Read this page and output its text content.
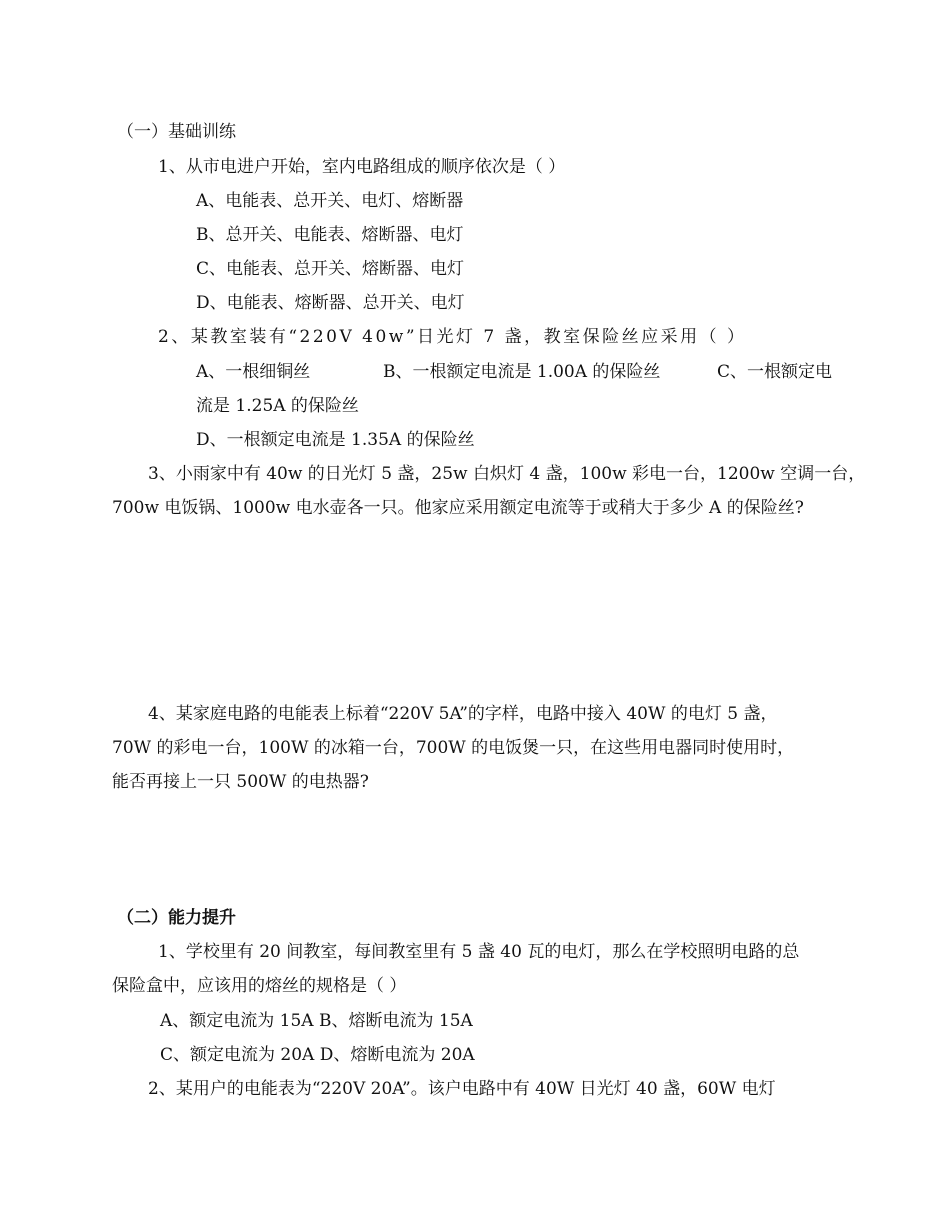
（一）基础训练
1、从市电进户开始，室内电路组成的顺序依次是（ ）
A、电能表、总开关、电灯、熔断器
B、总开关、电能表、熔断器、电灯
C、电能表、总开关、熔断器、电灯
D、电能表、熔断器、总开关、电灯
2、某教室装有“220V 40w”日光灯 7 盏，教室保险丝应采用（ ）
A、一根细铜丝	B、一根额定电流是 1.00A 的保险丝	C、一根额定电
流是 1.25A 的保险丝
D、一根额定电流是 1.35A 的保险丝
3、小雨家中有 40w 的日光灯 5 盏，25w 白炽灯 4 盏，100w 彩电一台，1200w 空调一台，
700w 电饭锅、1000w 电水壶各一只。他家应采用额定电流等于或稍大于多少 A 的保险丝?
4、某家庭电路的电能表上标着“220V 5A”的字样，电路中接入 40W 的电灯 5 盏，
70W 的彩电一台，100W 的冰箱一台，700W 的电饭煲一只，在这些用电器同时使用时，
能否再接上一只 500W 的电热器?
（二）能力提升
1、学校里有 20 间教室，每间教室里有 5 盏 40 瓦的电灯，那么在学校照明电路的总
保险盒中，应该用的熔丝的规格是（ ）
A、额定电流为 15A B、熔断电流为 15A
C、额定电流为 20A D、熔断电流为 20A
2、某用户的电能表为“220V 20A”。该户电路中有 40W 日光灯 40 盏，60W 电灯
